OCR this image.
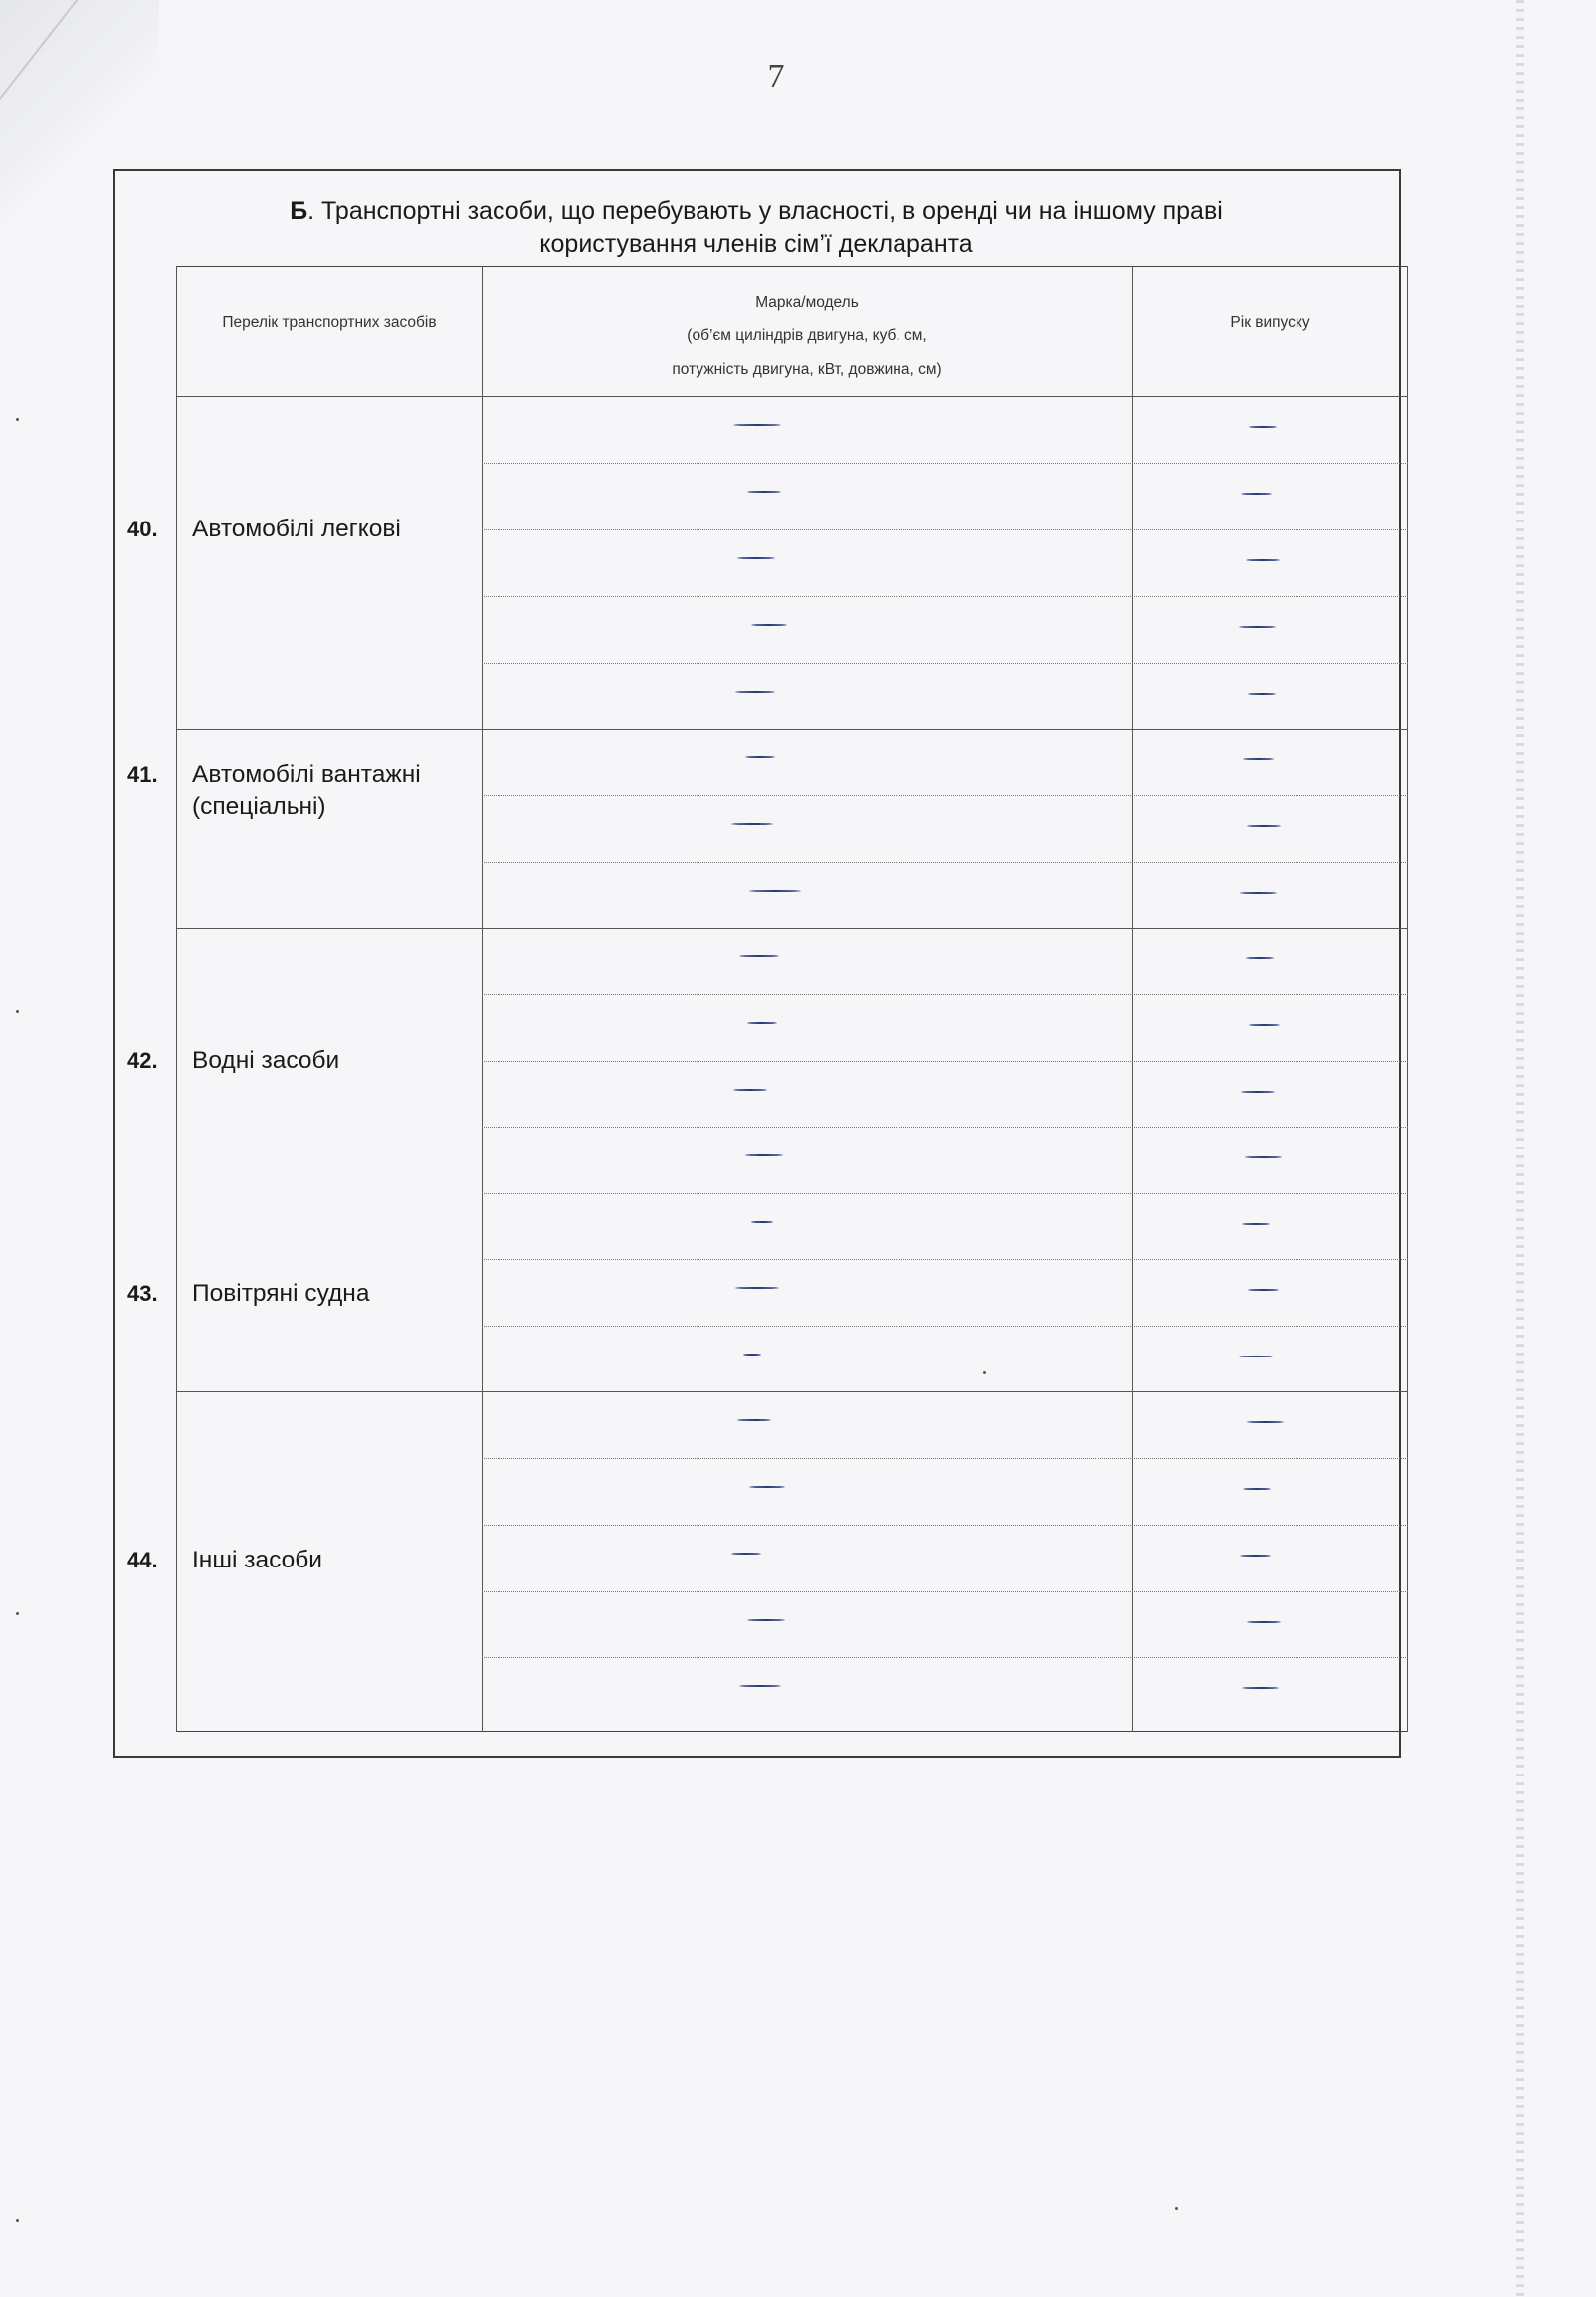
7
Б. Транспортні засоби, що перебувають у власності, в оренді чи на іншому праві
користування членів сім’ї декларанта
Перелік транспортних засобів
Марка/модель
(об’єм циліндрів двигуна, куб. см,
потужність двигуна, кВт, довжина, см)
Рік випуску
40. Автомобілі легкові
41. Автомобілі вантажні
(спеціальні)
42. Водні засоби
43. Повітряні судна
44. Інші засоби
